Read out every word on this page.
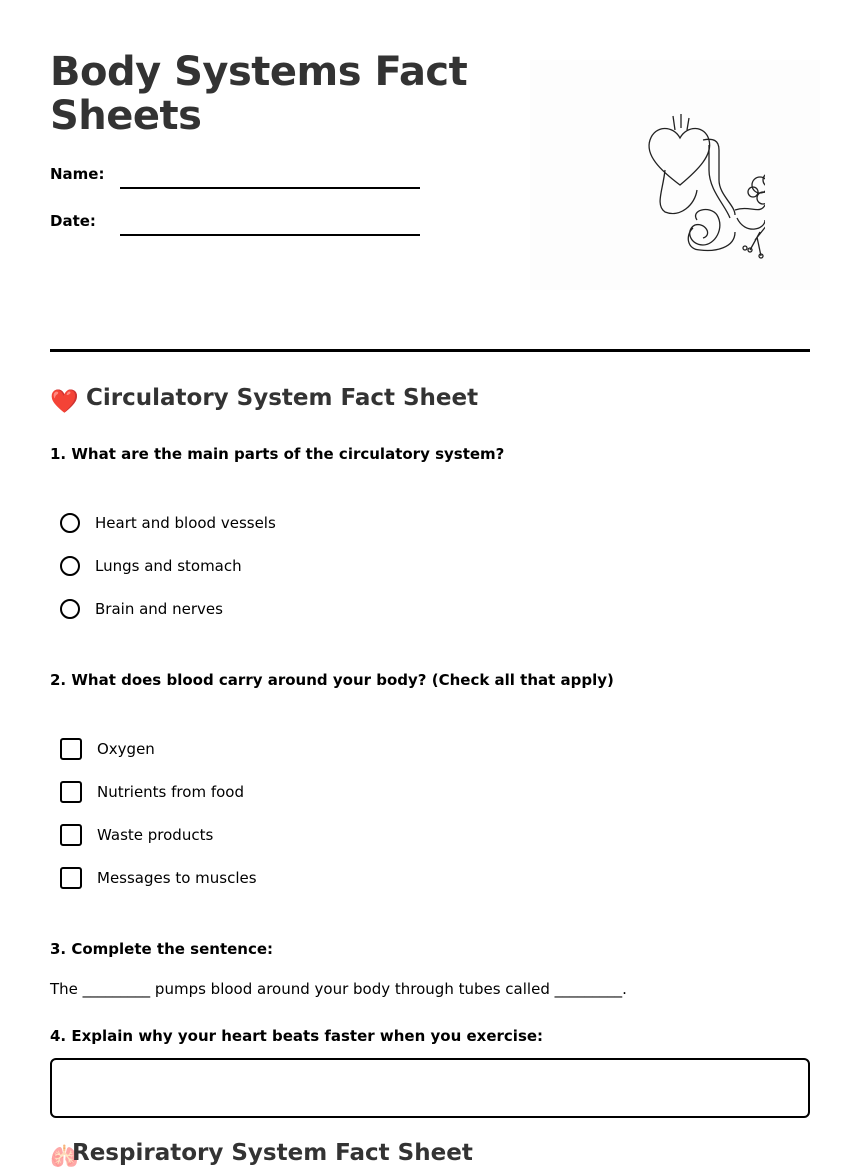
Body Systems Fact Sheets
Name:
Date:
❤️ Circulatory System Fact Sheet

1. What are the main parts of the circulatory system?

Heart and blood vessels
Lungs and stomach
Brain and nerves

2. What does blood carry around your body? (Check all that apply)

Oxygen
Nutrients from food
Waste products
Messages to muscles

3. Complete the sentence:

The _________ pumps blood around your body through tubes called _________.

4. Explain why your heart beats faster when you exercise:

🫁Respiratory System Fact Sheet
